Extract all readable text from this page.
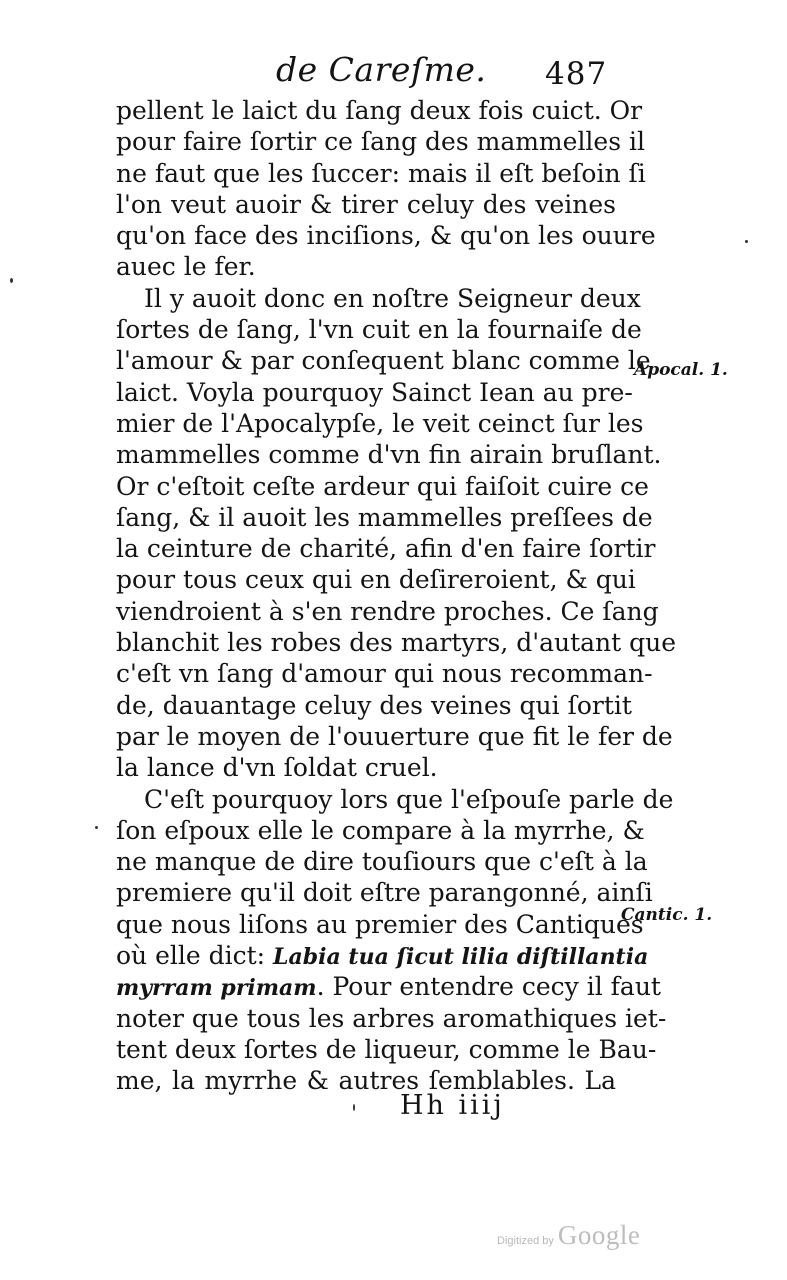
de Careſme. 487
pellent le laict du ſang deux fois cuict. Or
pour faire ſortir ce ſang des mammelles il
ne faut que les ſuccer: mais il eſt beſoin ſi
l'on veut auoir & tirer celuy des veines
qu'on face des inciſions, & qu'on les ouure
auec le fer.
Il y auoit donc en noſtre Seigneur deux
ſortes de ſang, l'vn cuit en la fournaiſe de
l'amour & par conſequent blanc comme le
laict. Voyla pourquoy Sainct Iean au pre-
mier de l'Apocalypſe, le veit ceinct ſur les
mammelles comme d'vn fin airain bruſlant.
Or c'eſtoit ceſte ardeur qui faiſoit cuire ce
ſang, & il auoit les mammelles preſſees de
la ceinture de charité, afin d'en faire ſortir
pour tous ceux qui en deſireroient, & qui
viendroient à s'en rendre proches. Ce ſang
blanchit les robes des martyrs, d'autant que
c'eſt vn ſang d'amour qui nous recomman-
de, dauantage celuy des veines qui ſortit
par le moyen de l'ouuerture que fit le fer de
la lance d'vn ſoldat cruel.
C'eſt pourquoy lors que l'eſpouſe parle de
ſon eſpoux elle le compare à la myrrhe, &
ne manque de dire touſiours que c'eſt à la
premiere qu'il doit eſtre parangonné, ainſi
que nous liſons au premier des Cantiques
où elle dict: Labia tua ſicut lilia diſtillantia
myrram primam. Pour entendre cecy il faut
noter que tous les arbres aromathiques iet-
tent deux ſortes de liqueur, comme le Bau-
me, la myrrhe & autres ſemblables. La
Apocal. 1.
Cantic. 1.
Hh iiij
Digitized by Google
